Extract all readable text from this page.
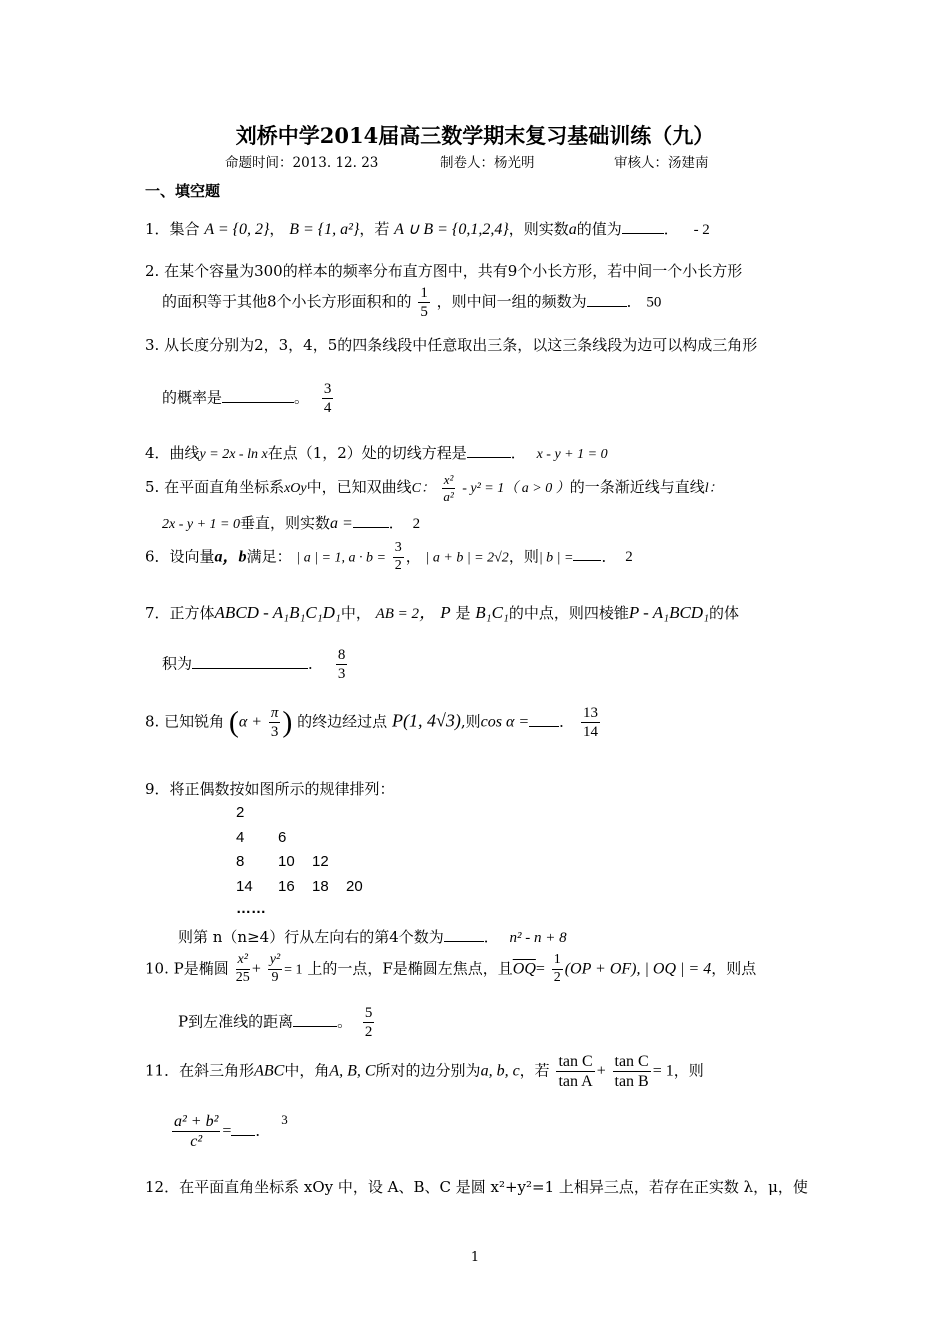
刘桥中学2014届高三数学期末复习基础训练（九）
命题时间：2013. 12. 23	制卷人：杨光明	审核人：汤建南
一、填空题
1．集合 A = {0, 2}， B = {1, a²}，若 A ∪ B = {0,1,2,4}，则实数a的值为	． - 2
2. 在某个容量为300的样本的频率分布直方图中，共有9个小长方形，若中间一个小长方形
的面积等于其他8个小长方形面积和的 $\frac{1}{5}$ ，则中间一组的频数为	． 50
3. 从长度分别为2，3，4，5的四条线段中任意取出三条，以这三条线段为边可以构成三角形
的概率是	。 $\frac{3}{4}$
4．曲线y = 2x - ln x在点（1，2）处的切线方程是	． x - y + 1 = 0
5. 在平面直角坐标系xOy中，已知双曲线C： $\frac{\text{x²}}{\text{a²}} - y^2 = 1$（ a > 0 ）的一条渐近线与直线l：
2x - y + 1 = 0垂直，则实数a = ． 2
6．设向量a，b满足： | a | = 1, $a \cdot b = \frac{3}{2}$ ， | a + b | = 2√2，则| b | = ． 2
7．正方体ABCD - A₁B₁C₁D₁中， AB = 2， P 是 B₁C₁的中点，则四棱锥P - A₁BCD₁的体
积为	． $\frac{8}{3}$
8. 已知锐角 ($\alpha + \frac{\pi}{3}$ ) 的终边经过点 P(1, 4√3),则cos α = ． $\frac{13}{14}$
9．将正偶数按如图所示的规律排列：
2
4 6
8 10 12
14 16 18 20
……
则第 n（n≥4）行从左向右的第4个数为	． n² - n + 8
10. P是椭圆 $\frac{\text{x²}}{25} + \frac{\text{y²}}{9} = 1$ 上的一点，F是椭圆左焦点，且$\overline{OQ}= \frac{1}{2} (OP + OF)$, | OQ | = 4，则点
P到左准线的距离	。 $\frac{5}{2}$
11．在斜三角形ABC中，角A, B, C所对的边分别为a, b, c，若 $\frac{\text{tan C}}{\text{tan A}} + \frac{\text{tan C}}{\text{tan B}} = 1$，则
$\frac{\text{a² + b²}}{\text{c²}}$ = ． 3
12．在平面直角坐标系 xOy 中，设 A、B、C 是圆 x²+y²=1 上相异三点，若存在正实数 λ，μ，使
1
